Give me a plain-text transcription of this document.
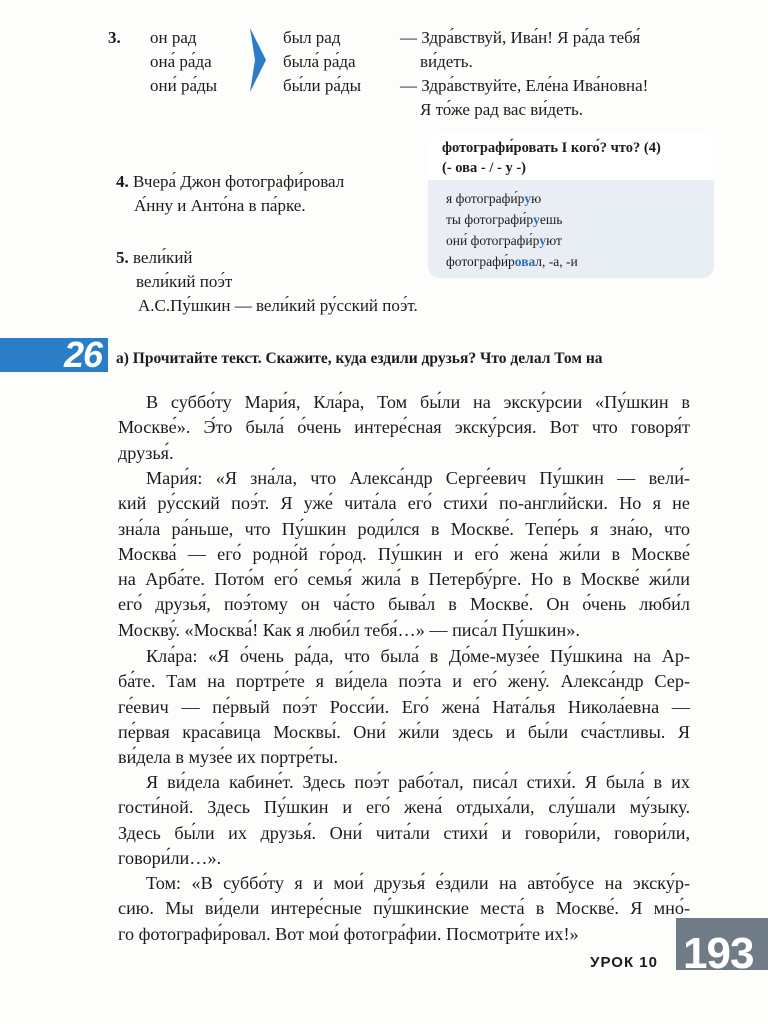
3. он рад
она́ ра́да
они́ ра́ды
был рад
была́ ра́да
бы́ли ра́ды
— Здра́вствуй, Ива́н! Я ра́да тебя́
ви́деть.
— Здра́вствуйте, Еле́на Ива́новна!
Я то́же рад вас ви́деть.
4. Вчера́ Джон фотографи́ровал
А́нну и Анто́на в па́рке.
5. вели́кий
вели́кий поэ́т
А.С.Пу́шкин — вели́кий ру́сский поэ́т.
фотографи́ровать I кого́? что? (4)
(- ова - / - у -)
я фотографи́рую
ты фотографи́руешь
они́ фотографи́руют
фотографи́ровал, -а, -и
26 а) Прочитайте текст. Скажите, куда ездили друзья? Что делал Том на
В суббо́ту Мари́я, Кла́ра, Том бы́ли на экску́рсии «Пу́шкин в
Москве́». Э́то была́ о́чень интере́сная экску́рсия. Вот что говоря́т
друзья́.
Мари́я: «Я зна́ла, что Алекса́ндр Серге́евич Пу́шкин — вели́-
кий ру́сский поэ́т. Я уже́ чита́ла его́ стихи́ по-англи́йски. Но я не
зна́ла ра́ньше, что Пу́шкин роди́лся в Москве́. Тепе́рь я зна́ю, что
Москва́ — его́ родно́й го́род. Пу́шкин и его́ жена́ жи́ли в Москве́
на Арба́те. Пото́м его́ семья́ жила́ в Петербу́рге. Но в Москве́ жи́ли
его́ друзья́, поэ́тому он ча́сто быва́л в Москве́. Он о́чень люби́л
Москву́. «Москва́! Как я люби́л тебя́…» — писа́л Пу́шкин».
Кла́ра: «Я о́чень ра́да, что была́ в До́ме-музе́е Пу́шкина на Ар-
ба́те. Там на портре́те я ви́дела поэ́та и его́ жену́. Алекса́ндр Сер-
ге́евич — пе́рвый поэ́т Росси́и. Его́ жена́ Ната́лья Никола́евна —
пе́рвая краса́вица Москвы́. Они́ жи́ли здесь и бы́ли сча́стливы. Я
ви́дела в музе́е их портре́ты.
Я ви́дела кабине́т. Здесь поэ́т рабо́тал, писа́л стихи́. Я была́ в их
гости́ной. Здесь Пу́шкин и его́ жена́ отдыха́ли, слу́шали му́зыку.
Здесь бы́ли их друзья́. Они́ чита́ли стихи́ и говори́ли, говори́ли,
говори́ли…».
Том: «В суббо́ту я и мои́ друзья́ е́здили на авто́бусе на экску́р-
сию. Мы ви́дели интере́сные пу́шкинские места́ в Москве́. Я мно́-
го фотографи́ровал. Вот мои́ фотогра́фии. Посмотри́те их!»
УРОК 10 193
